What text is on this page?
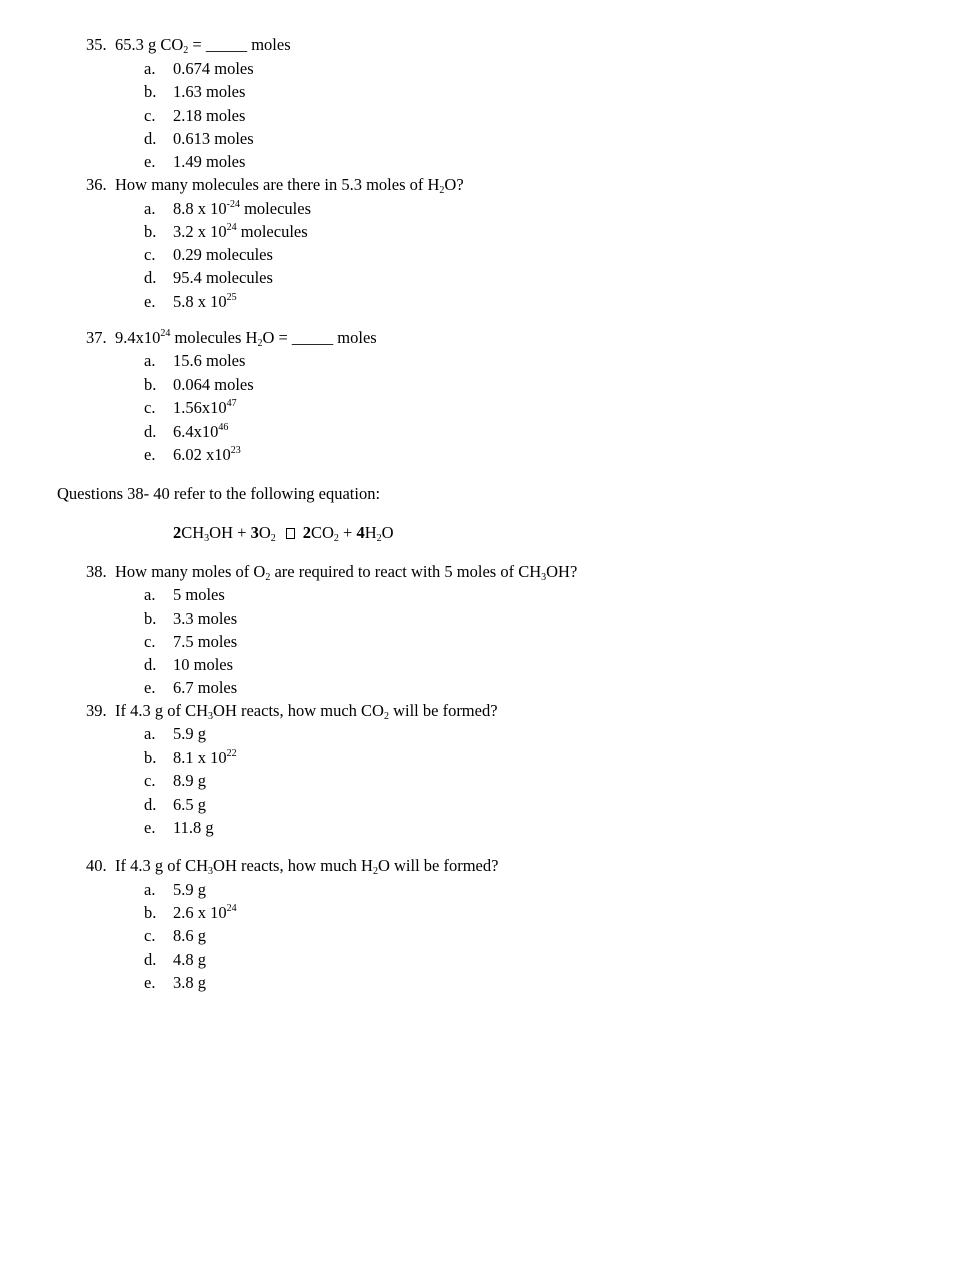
35. 65.3 g $CO_2$ = _____ moles
a. 0.674 moles
b. 1.63 moles
c. 2.18 moles
d. 0.613 moles
e. 1.49 moles
36. How many molecules are there in 5.3 moles of $H_2O$?
a. 8.8 x $10^{-24}$ molecules
b. 3.2 x $10^{24}$ molecules
c. 0.29 molecules
d. 95.4 molecules
e. 5.8 x $10^{25}$
37. $9.4x10^{24}$ molecules $H_2O$ = _____ moles
a. 15.6 moles
b. 0.064 moles
c. $1.56x10^{47}$
d. $6.4x10^{46}$
e. 6.02 $x10^{23}$
Questions 38- 40 refer to the following equation:
$2CH_3OH + 3O_2$ $2CO_2 + 4H_2O$
38. How many moles of $O_2$ are required to react with 5 moles of $CH_3OH$?
a. 5 moles
b. 3.3 moles
c. 7.5 moles
d. 10 moles
e. 6.7 moles
39. If 4.3 g of $CH_3OH$ reacts, how much $CO_2$ will be formed?
a. 5.9 g
b. 8.1 x $10^{22}$
c. 8.9 g
d. 6.5 g
e. 11.8 g
40. If 4.3 g of $CH_3OH$ reacts, how much $H_2O$ will be formed?
a. 5.9 g
b. 2.6 x $10^{24}$
c. 8.6 g
d. 4.8 g
e. 3.8 g
